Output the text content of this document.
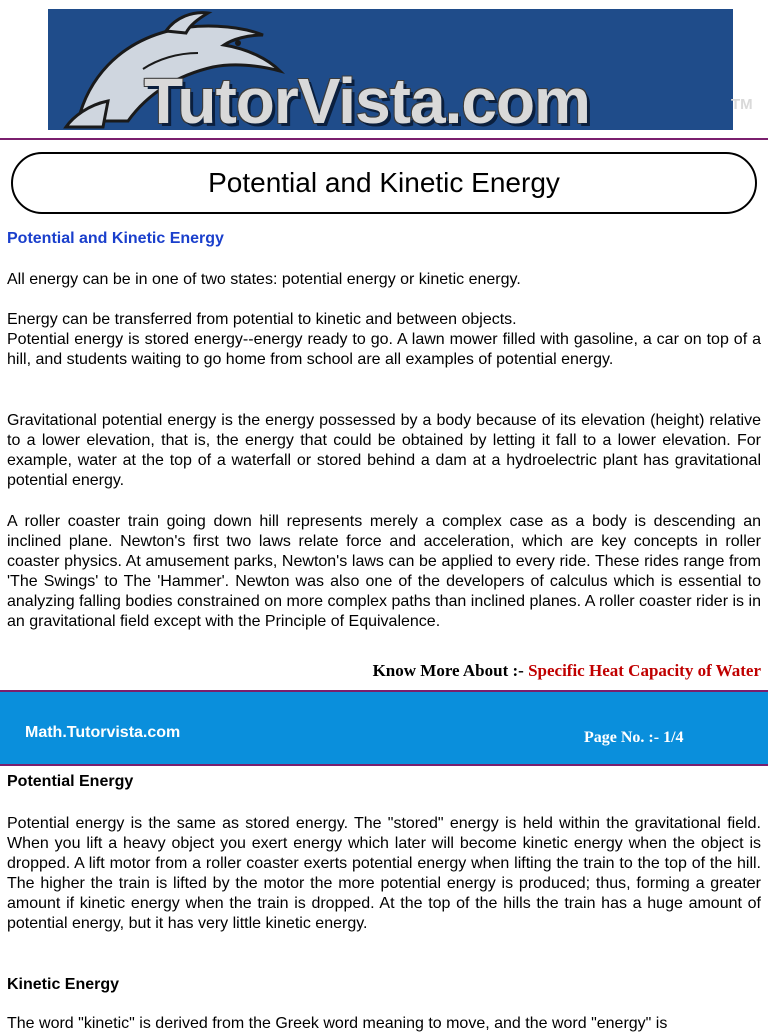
TutorVista.com	TM
Potential and Kinetic Energy
Potential and Kinetic Energy

All energy can be in one of two states: potential energy or kinetic energy.

Energy can be transferred from potential to kinetic and between objects.

Potential energy is stored energy--energy ready to go. A lawn mower filled with gasoline, a car on top of a hill, and students waiting to go home from school are all examples of potential energy.

Gravitational potential energy is the energy possessed by a body because of its elevation (height) relative to a lower elevation, that is, the energy that could be obtained by letting it fall to a lower elevation. For example, water at the top of a waterfall or stored behind a dam at a hydroelectric plant has gravitational potential energy.

A roller coaster train going down hill represents merely a complex case as a body is descending an inclined plane. Newton's first two laws relate force and acceleration, which are key concepts in roller coaster physics. At amusement parks, Newton's laws can be applied to every ride. These rides range from 'The Swings' to The 'Hammer'. Newton was also one of the developers of calculus which is essential to analyzing falling bodies constrained on more complex paths than inclined planes. A roller coaster rider is in an gravitational field except with the Principle of Equivalence.

Know More About :- Specific Heat Capacity of Water
Math.Tutorvista.com	Page No. :- 1/4
Potential Energy

Potential energy is the same as stored energy. The "stored" energy is held within the gravitational field. When you lift a heavy object you exert energy which later will become kinetic energy when the object is dropped. A lift motor from a roller coaster exerts potential energy when lifting the train to the top of the hill. The higher the train is lifted by the motor the more potential energy is produced; thus, forming a greater amount if kinetic energy when the train is dropped. At the top of the hills the train has a huge amount of potential energy, but it has very little kinetic energy.

Kinetic Energy

The word "kinetic" is derived from the Greek word meaning to move, and the word "energy" is
